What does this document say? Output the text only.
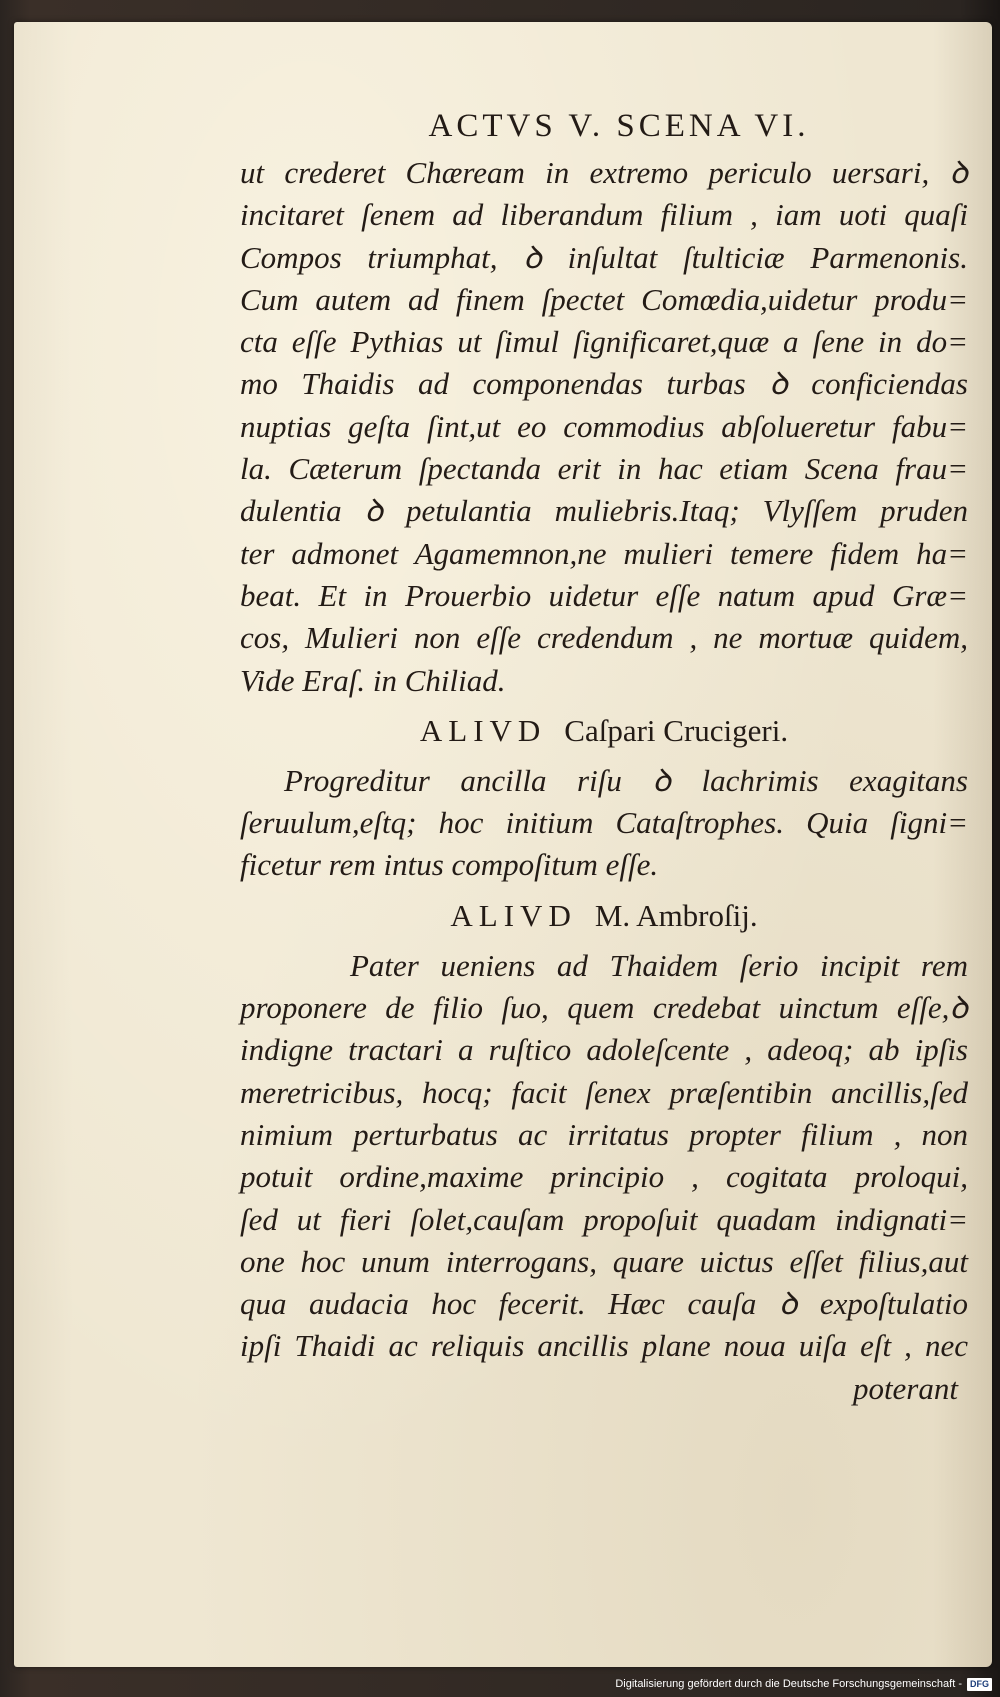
ACTVS V. SCENA VI.
ut crederet Chæream in extremo periculo uersari, ꝺ
incitaret ſenem ad liberandum filium , iam uoti quaſi
Compos triumphat, ꝺ inſultat ſtulticiæ Parmenonis.
Cum autem ad finem ſpectet Comœdia,uidetur produ=
cta eſſe Pythias ut ſimul ſignificaret,quæ a ſene in do=
mo Thaidis ad componendas turbas ꝺ conficiendas
nuptias geſta ſint,ut eo commodius abſolueretur fabu=
la. Cæterum ſpectanda erit in hac etiam Scena frau=
dulentia ꝺ petulantia muliebris.Itaq; Vlyſſem pruden
ter admonet Agamemnon,ne mulieri temere fidem ha=
beat. Et in Prouerbio uidetur eſſe natum apud Græ=
cos, Mulieri non eſſe credendum , ne mortuæ quidem,
Vide Eraſ. in Chiliad.
ALIVD Caſpari Crucigeri.
Progreditur ancilla riſu ꝺ lachrimis exagitans
ſeruulum,eſtq; hoc initium Cataſtrophes. Quia ſigni=
ficetur rem intus compoſitum eſſe.
ALIVD M. Ambroſij.
Pater ueniens ad Thaidem ſerio incipit rem
proponere de filio ſuo, quem credebat uinctum eſſe,ꝺ
indigne tractari a ruſtico adoleſcente , adeoq; ab ipſis
meretricibus, hocq; facit ſenex præſentibin ancillis,ſed
nimium perturbatus ac irritatus propter filium , non
potuit ordine,maxime principio , cogitata proloqui,
ſed ut fieri ſolet,cauſam propoſuit quadam indignati=
one hoc unum interrogans, quare uictus eſſet filius,aut
qua audacia hoc fecerit. Hæc cauſa ꝺ expoſtulatio
ipſi Thaidi ac reliquis ancillis plane noua uiſa eſt , nec
poterant
Digitalisierung gefördert durch die Deutsche Forschungsgemeinschaft - DFG
